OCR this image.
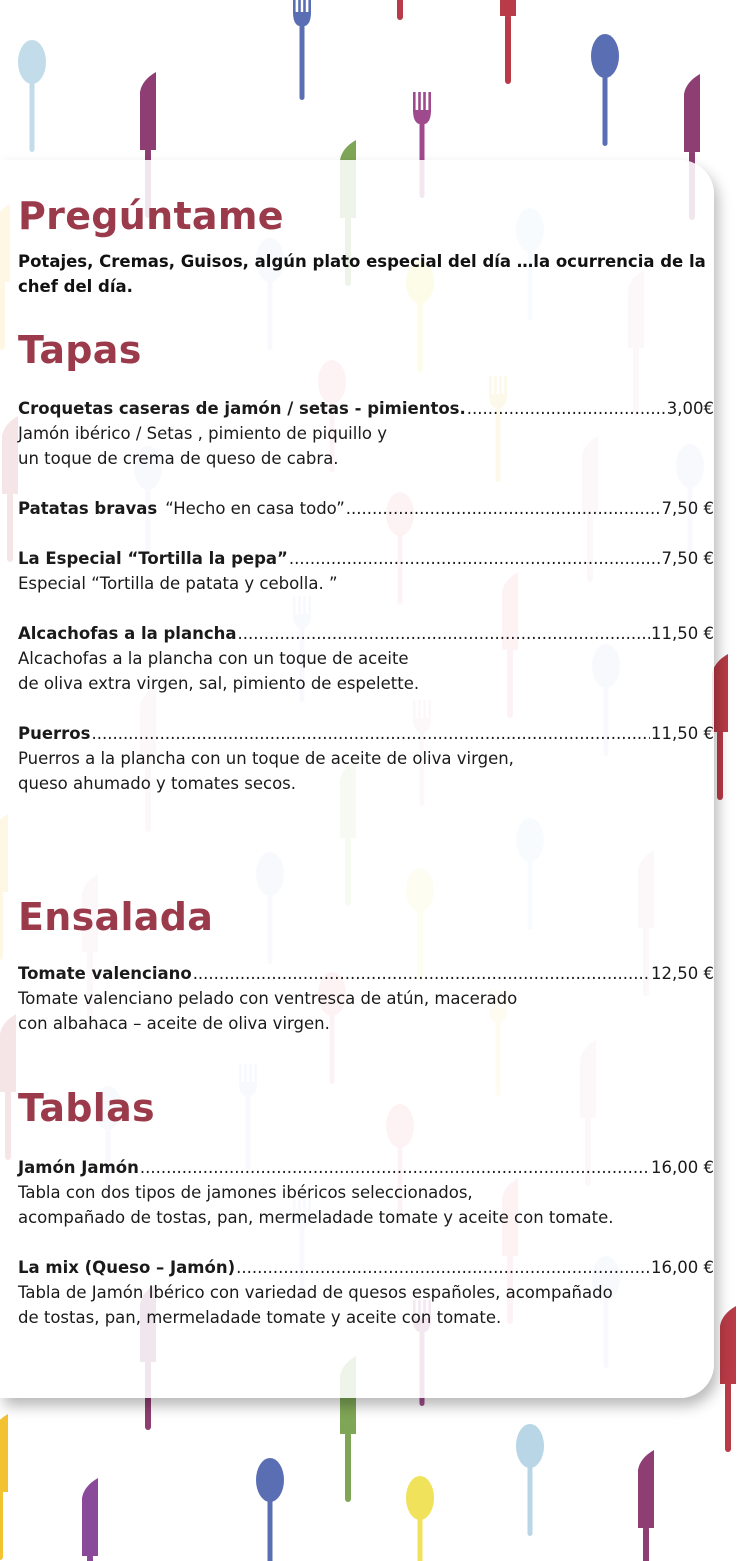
Pregúntame

Potajes, Cremas, Guisos, algún plato especial del día …la ocurrencia de la chef del día.

Tapas
Croquetas caseras de jamón / setas - pimientos. .....	3,00€

Jamón ibérico / Setas , pimiento de piquillo y
un toque de crema de queso de cabra.

Patatas bravas “Hecho en casa todo” .....	7,50 €
La Especial “Tortilla la pepa” .....	7,50 €

Especial “Tortilla de patata y cebolla. ”

Alcachofas a la plancha .....	11,50 €

Alcachofas a la plancha con un toque de aceite
de oliva extra virgen, sal, pimiento de espelette.

Puerros .....	11,50 €

Puerros a la plancha con un toque de aceite de oliva virgen,
queso ahumado y tomates secos.

Ensalada
Tomate valenciano .....	12,50 €

Tomate valenciano pelado con ventresca de atún, macerado
con albahaca – aceite de oliva virgen.

Tablas
Jamón Jamón .....	16,00 €

Tabla con dos tipos de jamones ibéricos seleccionados,
acompañado de tostas, pan, mermeladade tomate y aceite con tomate.

La mix (Queso – Jamón) .....	16,00 €

Tabla de Jamón Ibérico con variedad de quesos españoles, acompañado
de tostas, pan, mermeladade tomate y aceite con tomate.
